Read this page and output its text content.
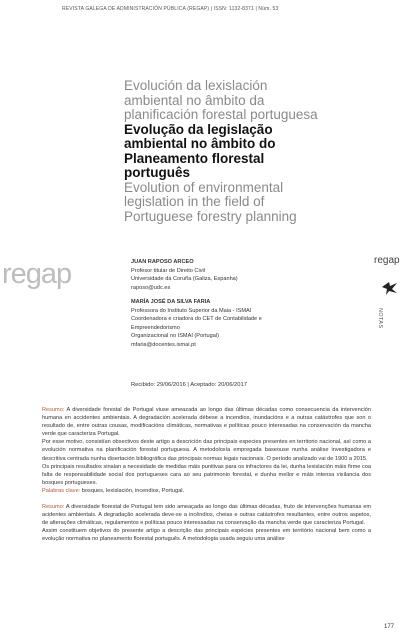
REVISTA GALEGA DE ADMINISTRACIÓN PÚBLICA (REGAP) | ISSN: 1132-8371 | Núm. 53

Evolución da lexislación ambiental no âmbito da planificación forestal portuguesa

Evolução da legislação ambiental no âmbito do Planeamento florestal português

Evolution of environmental legislation in the field of Portuguese forestry planning

regap	regap
NOTAS
JUAN RAPOSO ARCEO
Profesor titular de Direito Civil
Universidade da Coruña (Galiza, Espanha)
raposo@udc.es
MARÍA JOSÉ DA SILVA FARIA
Professora do Instituto Superior da Maia - ISMAI
Coordenadora e criadora do CET de Contabilidade e Empreendedorismo
Organizacional no ISMAI (Portugal)
mfaria@docentes.ismai.pt
Recibido: 29/06/2016 | Aceptado: 20/06/2017

Resumo: A diversidade forestal de Portugal viuse ameazada ao longo das últimas décadas como consecuencia da intervención humana en accidentes ambientais. A degradación acelerada débese a incendios, inundacións e a outras catástrofes que son o resultado de, entre outras cousas, modificacións climáticas, normativas e políticas pouco interesadas na conservación da mancha verde que caracteriza Portugal.

Por esse motivo, consistían obxectivos deste artigo a descrición das principais especies presentes en territorio nacional, así como a evolución normativa na planificación forestal portuguesa. A metodoloxía empregada baseouse nunha análise investigadora e descritiva centrada nunha disertación bibliográfica das principais normas legais nacionais. O período analizado vai de 1900 a 2015.

Os principais resultados sinalan a necesidade de medidas máis punitivas para os infractores da lei, dunha lexislación máis firme coa falta de responsabilidade social dos portugueses cara ao seu patrimonio forestal, e dunha mellor e máis intensa vixilancia dos bosques portugueses.

Palabras clave: bosques, lexislación, incendios, Portugal.

Resumo: A diversidade florestal de Portugal tem sido ameaçada ao longo das últimas décadas, fruto de intervenções humanas em acidentes ambientais. A degradação acelerada deve-se a incêndios, cheias e outras catástrofes resultantes, entre outros aspetos, de alterações climáticas, regulamentos e políticas pouco interessadas na conservação da mancha verde que caracteriza Portugal.

Assim constituem objetivos do presente artigo a descrição das principais espécies presentes em território nacional bem como a evolução normativa no planeamento florestal português. A metodologia usada seguiu uma análise

177
